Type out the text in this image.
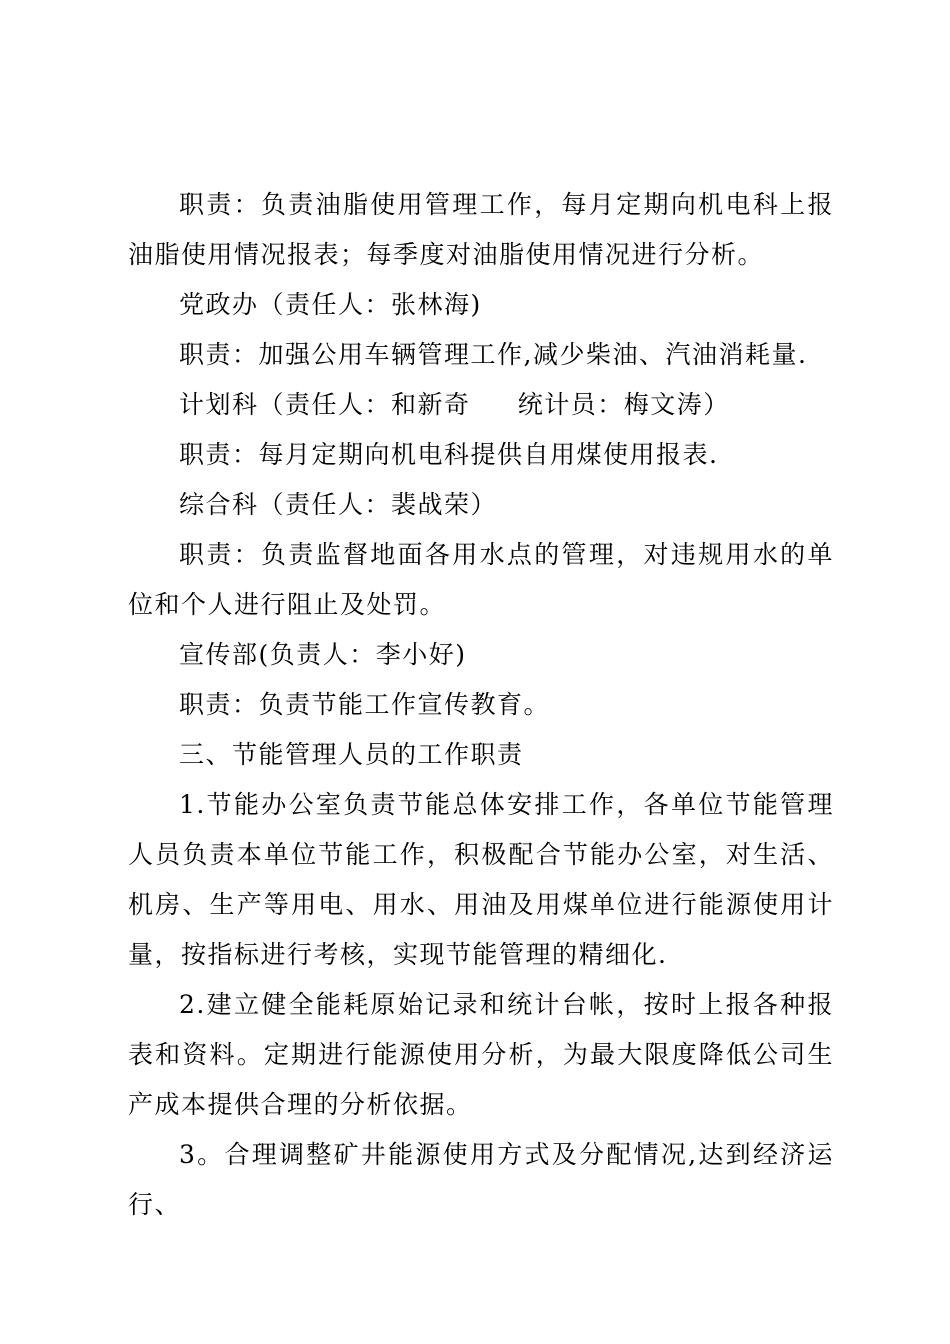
职责：负责油脂使用管理工作，每月定期向机电科上报油脂使用情况报表；每季度对油脂使用情况进行分析。

党政办（责任人：张林海)

职责：加强公用车辆管理工作,减少柴油、汽油消耗量.

计划科（责任人：和新奇     统计员：梅文涛）

职责：每月定期向机电科提供自用煤使用报表.

综合科（责任人：裴战荣）

职责：负责监督地面各用水点的管理，对违规用水的单位和个人进行阻止及处罚。

宣传部(负责人：李小好)

职责：负责节能工作宣传教育。

三、节能管理人员的工作职责

1.节能办公室负责节能总体安排工作，各单位节能管理人员负责本单位节能工作，积极配合节能办公室，对生活、机房、生产等用电、用水、用油及用煤单位进行能源使用计量，按指标进行考核，实现节能管理的精细化.

2.建立健全能耗原始记录和统计台帐，按时上报各种报表和资料。定期进行能源使用分析，为最大限度降低公司生产成本提供合理的分析依据。

3。合理调整矿井能源使用方式及分配情况,达到经济运行、
